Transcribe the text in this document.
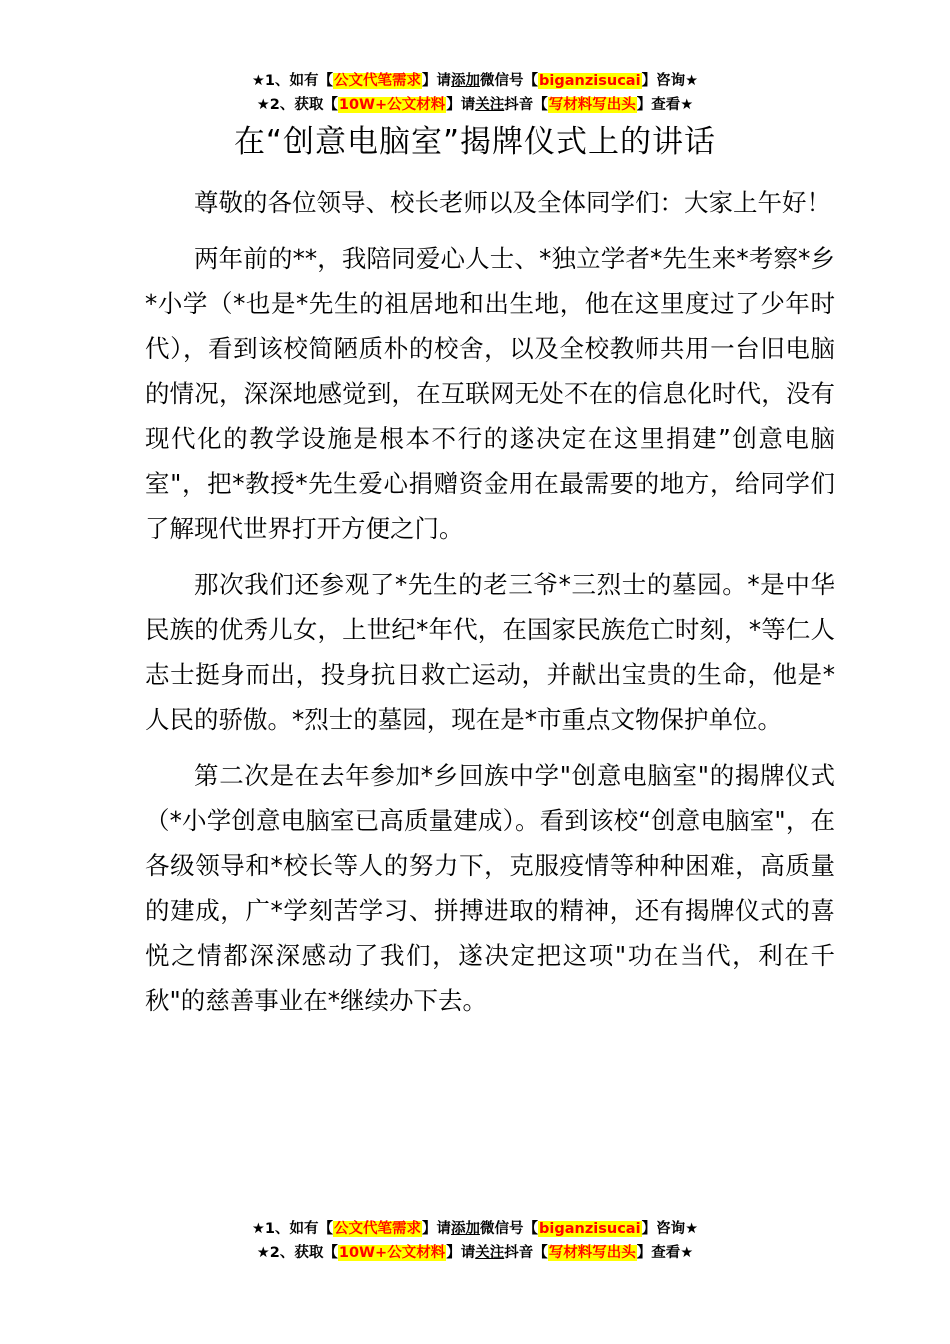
★1、如有【公文代笔需求】请添加微信号【biganzisucai】咨询★
★2、获取【10W+公文材料】请关注抖音【写材料写出头】查看★
在“创意电脑室”揭牌仪式上的讲话

尊敬的各位领导、校长老师以及全体同学们：大家上午好！

两年前的**，我陪同爱心人士、*独立学者*先生来*考察*乡*小学（*也是*先生的祖居地和出生地，他在这里度过了少年时代），看到该校简陋质朴的校舍，以及全校教师共用一台旧电脑的情况，深深地感觉到，在互联网无处不在的信息化时代，没有现代化的教学设施是根本不行的遂决定在这里捐建”创意电脑室"，把*教授*先生爱心捐赠资金用在最需要的地方，给同学们了解现代世界打开方便之门。

那次我们还参观了*先生的老三爷*三烈士的墓园。*是中华民族的优秀儿女，上世纪*年代，在国家民族危亡时刻，*等仁人志士挺身而出，投身抗日救亡运动，并献出宝贵的生命，他是*人民的骄傲。*烈士的墓园，现在是*市重点文物保护单位。

第二次是在去年参加*乡回族中学"创意电脑室"的揭牌仪式（*小学创意电脑室已高质量建成）。看到该校“创意电脑室"，在各级领导和*校长等人的努力下，克服疫情等种种困难，高质量的建成，广*学刻苦学习、拼搏进取的精神，还有揭牌仪式的喜悦之情都深深感动了我们，遂决定把这项"功在当代，利在千秋"的慈善事业在*继续办下去。

★1、如有【公文代笔需求】请添加微信号【biganzisucai】咨询★
★2、获取【10W+公文材料】请关注抖音【写材料写出头】查看★
